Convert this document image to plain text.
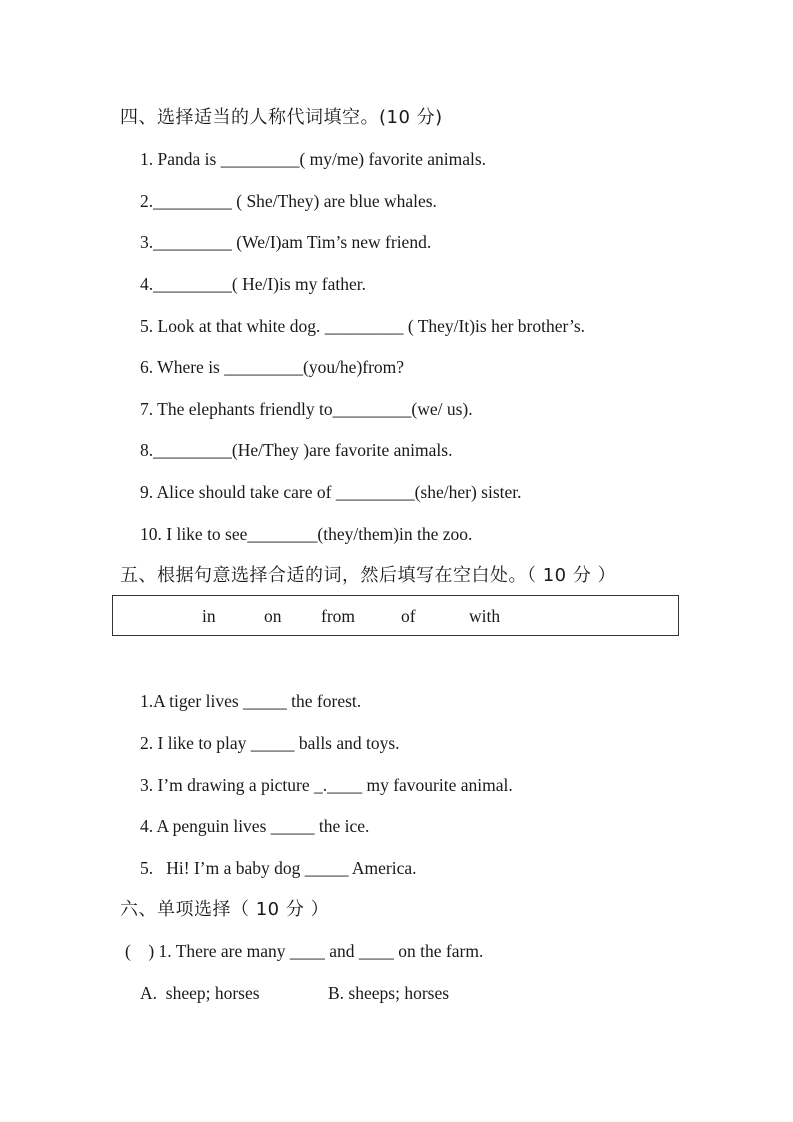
四、选择适当的人称代词填空。(10 分)
1. Panda is _________( my/me) favorite animals.
2._________ ( She/They) are blue whales.
3._________ (We/I)am Tim’s new friend.
4._________( He/I)is my father.
5. Look at that white dog. _________ ( They/It)is her brother’s.
6. Where is _________(you/he)from?
7. The elephants friendly to_________(we/ us).
8._________(He/They )are favorite animals.
9. Alice should take care of _________(she/her) sister.
10. I like to see________(they/them)in the zoo.
五、根据句意选择合适的词，然后填写在空白处。（ 10 分 ）
in	on from	of	with
1.A tiger lives _____ the forest.
2. I like to play _____ balls and toys.
3. I’m drawing a picture _.____ my favourite animal.
4. A penguin lives _____ the ice.
5.   Hi! I’m a baby dog _____ America.
六、单项选择（ 10 分 ）
(    ) 1. There are many ____ and ____ on the farm.
A.  sheep; horses	B. sheeps; horses
